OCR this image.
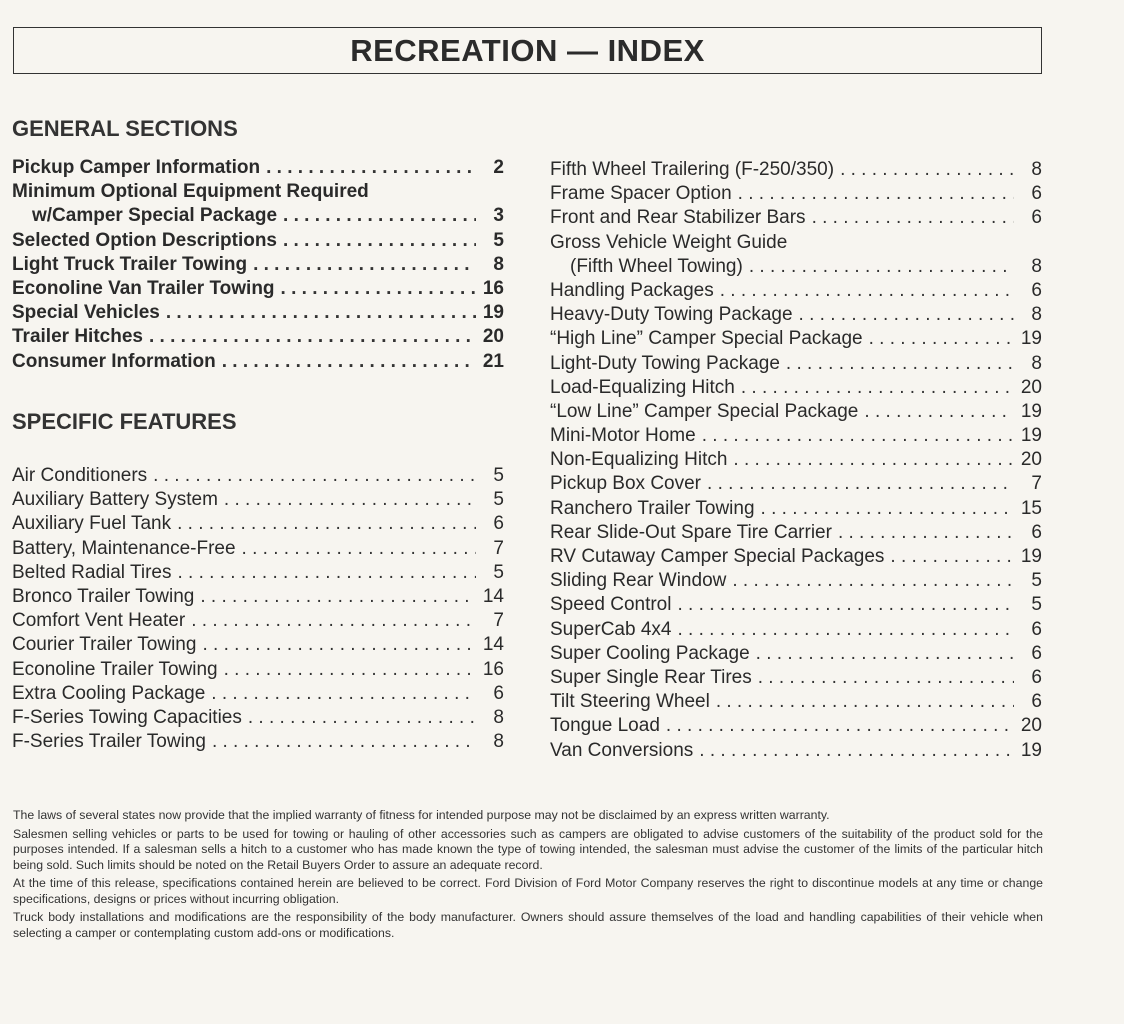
RECREATION — INDEX
GENERAL SECTIONS
Pickup Camper Information . . .	2
Minimum Optional Equipment Required
w/Camper Special Package . . .	3
Selected Option Descriptions . . .	5
Light Truck Trailer Towing . . .	8
Econoline Van Trailer Towing . . .	16
Special Vehicles . . .	19
Trailer Hitches . . .	20
Consumer Information . . .	21
SPECIFIC FEATURES
Air Conditioners . . .	5
Auxiliary Battery System . . .	5
Auxiliary Fuel Tank . . .	6
Battery, Maintenance-Free . . .	7
Belted Radial Tires . . .	5
Bronco Trailer Towing . . .	14
Comfort Vent Heater . . .	7
Courier Trailer Towing . . .	14
Econoline Trailer Towing . . .	16
Extra Cooling Package . . .	6
F-Series Towing Capacities . . .	8
F-Series Trailer Towing . . .	8
Fifth Wheel Trailering (F-250/350) . . .	8
Frame Spacer Option . . .	6
Front and Rear Stabilizer Bars . . .	6
Gross Vehicle Weight Guide
(Fifth Wheel Towing) . . .	8
Handling Packages . . .	6
Heavy-Duty Towing Package . . .	8
“High Line” Camper Special Package . . .	19
Light-Duty Towing Package . . .	8
Load-Equalizing Hitch . . .	20
“Low Line” Camper Special Package . . .	19
Mini-Motor Home . . .	19
Non-Equalizing Hitch . . .	20
Pickup Box Cover . . .	7
Ranchero Trailer Towing . . .	15
Rear Slide-Out Spare Tire Carrier . . .	6
RV Cutaway Camper Special Packages . . .	19
Sliding Rear Window . . .	5
Speed Control . . .	5
SuperCab 4x4 . . .	6
Super Cooling Package . . .	6
Super Single Rear Tires . . .	6
Tilt Steering Wheel . . .	6
Tongue Load . . .	20
Van Conversions . . .	19

The laws of several states now provide that the implied warranty of fitness for intended purpose may not be disclaimed by an express written warranty.

Salesmen selling vehicles or parts to be used for towing or hauling of other accessories such as campers are obligated to advise customers of the suitability of the product sold for the purposes intended. If a salesman sells a hitch to a customer who has made known the type of towing intended, the salesman must advise the customer of the limits of the particular hitch being sold. Such limits should be noted on the Retail Buyers Order to assure an adequate record.

At the time of this release, specifications contained herein are believed to be correct. Ford Division of Ford Motor Company reserves the right to discontinue models at any time or change specifications, designs or prices without incurring obligation.

Truck body installations and modifications are the responsibility of the body manufacturer. Owners should assure themselves of the load and handling capabilities of their vehicle when selecting a camper or contemplating custom add-ons or modifications.
